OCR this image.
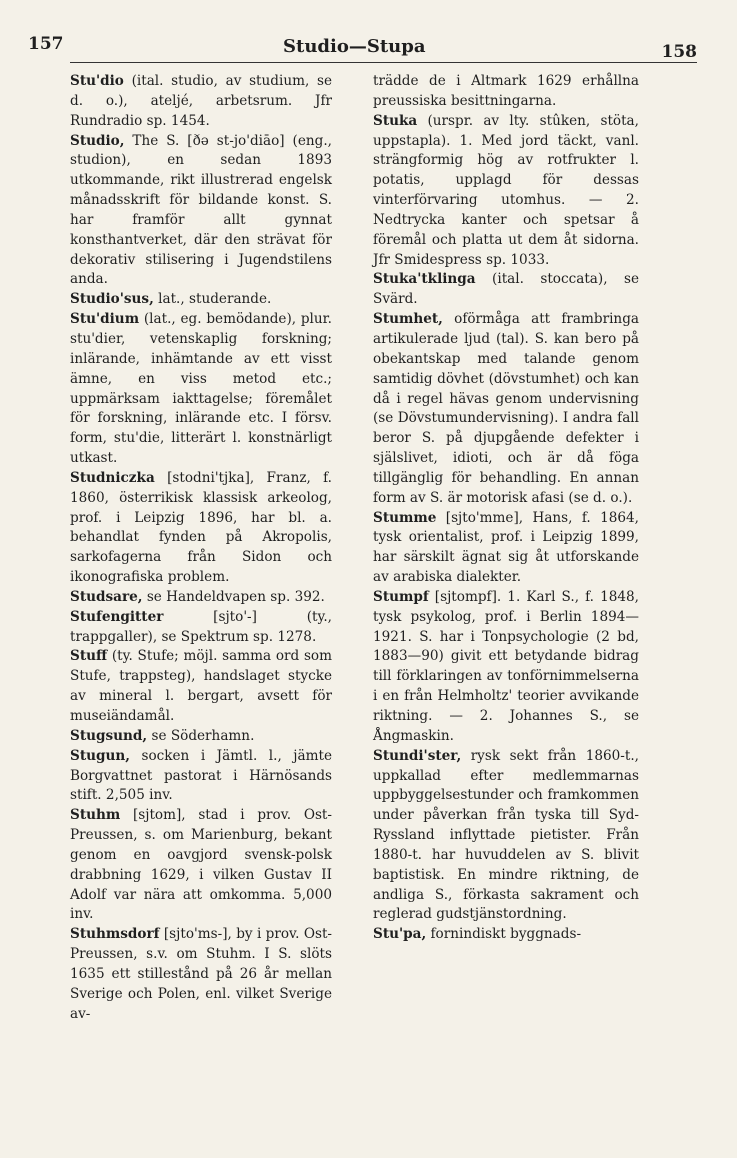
157	Studio—Stupa	158

Stu'dio (ital. studio, av studium, se d. o.), ateljé, arbetsrum. Jfr Rundradio sp. 1454.

Studio, The S. [ðə st-jo'diāo] (eng., studion), en sedan 1893 utkommande, rikt illustrerad engelsk månadsskrift för bildande konst. S. har framför allt gynnat konsthantverket, där den strävat för dekorativ stilisering i Jugendstilens anda.

Studio'sus, lat., studerande.

Stu'dium (lat., eg. bemödande), plur. stu'dier, vetenskaplig forskning; inlärande, inhämtande av ett visst ämne, en viss metod etc.; uppmärksam iakttagelse; föremålet för forskning, inlärande etc. I försv. form, stu'die, litterärt l. konstnärligt utkast.

Studniczka [stodni'tjka], Franz, f. 1860, österrikisk klassisk arkeolog, prof. i Leipzig 1896, har bl. a. behandlat fynden på Akropolis, sarkofagerna från Sidon och ikonografiska problem.

Studsare, se Handeldvapen sp. 392.

Stufengitter [sjto'-] (ty., trappgaller), se Spektrum sp. 1278.

Stuff (ty. Stufe; möjl. samma ord som Stufe, trappsteg), handslaget stycke av mineral l. bergart, avsett för museiändamål.

Stugsund, se Söderhamn.

Stugun, socken i Jämtl. l., jämte Borgvattnet pastorat i Härnösands stift. 2,505 inv.

Stuhm [sjtom], stad i prov. Ost-Preussen, s. om Marienburg, bekant genom en oavgjord svensk-polsk drabbning 1629, i vilken Gustav II Adolf var nära att omkomma. 5,000 inv.

Stuhmsdorf [sjto'ms-], by i prov. Ost-Preussen, s.v. om Stuhm. I S. slöts 1635 ett stillestånd på 26 år mellan Sverige och Polen, enl. vilket Sverige av-

trädde de i Altmark 1629 erhållna preussiska besittningarna.

Stuka (urspr. av lty. stûken, stöta, uppstapla). 1. Med jord täckt, vanl. strängformig hög av rotfrukter l. potatis, upplagd för dessas vinterförvaring utomhus. — 2. Nedtrycka kanter och spetsar å föremål och platta ut dem åt sidorna. Jfr Smidespress sp. 1033.

Stuka'tklinga (ital. stoccata), se Svärd.

Stumhet, oförmåga att frambringa artikulerade ljud (tal). S. kan bero på obekantskap med talande genom samtidig dövhet (dövstumhet) och kan då i regel hävas genom undervisning (se Dövstumundervisning). I andra fall beror S. på djupgående defekter i själslivet, idioti, och är då föga tillgänglig för behandling. En annan form av S. är motorisk afasi (se d. o.).

Stumme [sjto'mme], Hans, f. 1864, tysk orientalist, prof. i Leipzig 1899, har särskilt ägnat sig åt utforskande av arabiska dialekter.

Stumpf [sjtompf]. 1. Karl S., f. 1848, tysk psykolog, prof. i Berlin 1894—1921. S. har i Tonpsychologie (2 bd, 1883—90) givit ett betydande bidrag till förklaringen av tonförnimmelserna i en från Helmholtz' teorier avvikande riktning. — 2. Johannes S., se Ångmaskin.

Stundi'ster, rysk sekt från 1860-t., uppkallad efter medlemmarnas uppbyggelsestunder och framkommen under påverkan från tyska till Syd-Ryssland inflyttade pietister. Från 1880-t. har huvuddelen av S. blivit baptistisk. En mindre riktning, de andliga S., förkasta sakrament och reglerad gudstjänstordning.

Stu'pa, fornindiskt byggnads-
